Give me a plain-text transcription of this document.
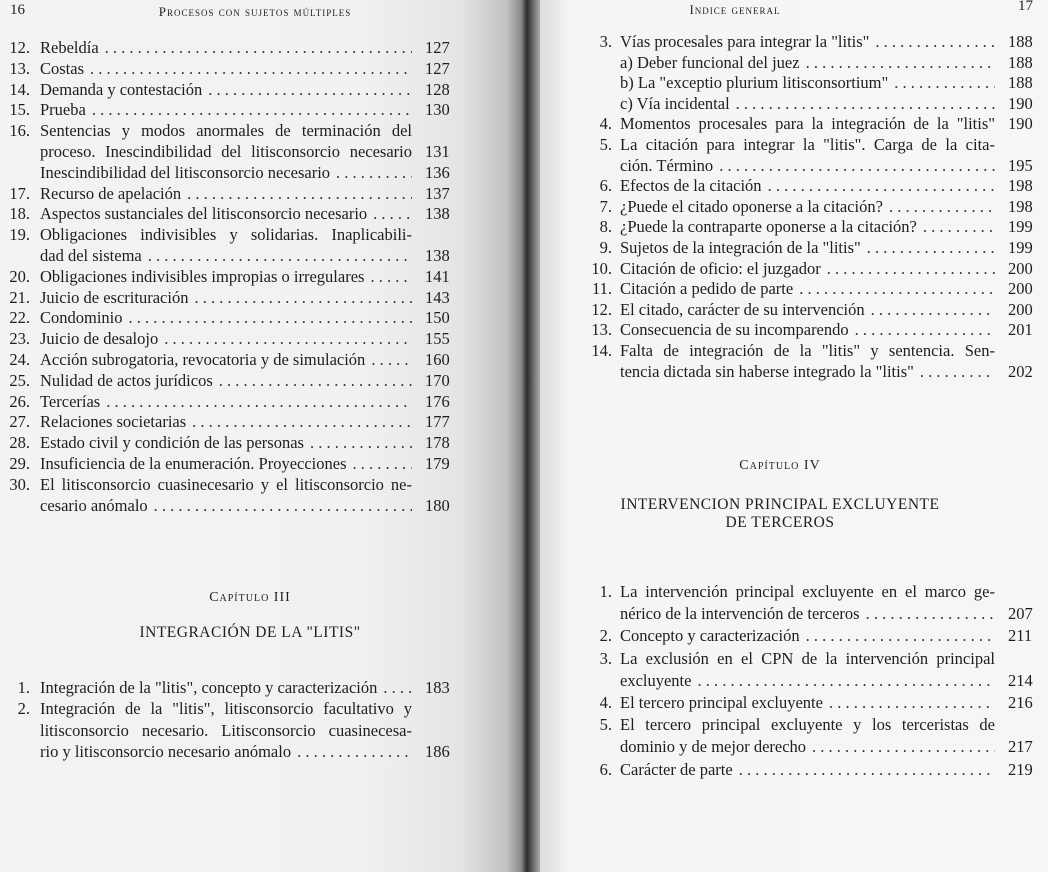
16	Procesos con sujetos múltiples
12. Rebeldía . . .	127
13. Costas . . .	127
14. Demanda y contestación . . .	128
15. Prueba . . .	130
16. Sentencias y modos anormales de terminación del
proceso. Inescindibilidad del litisconsorcio necesario 131
Inescindibilidad del litisconsorcio necesario . . .	136
17. Recurso de apelación . . .	137
18. Aspectos sustanciales del litisconsorcio necesario . . .	138
19. Obligaciones indivisibles y solidarias. Inaplicabili-
dad del sistema . . .	138
20. Obligaciones indivisibles impropias o irregulares . . .	141
21. Juicio de escrituración . . .	143
22. Condominio . . .	150
23. Juicio de desalojo . . .	155
24. Acción subrogatoria, revocatoria y de simulación . . .	160
25. Nulidad de actos jurídicos . . .	170
26. Tercerías . . .	176
27. Relaciones societarias . . .	177
28. Estado civil y condición de las personas . . .	178
29. Insuficiencia de la enumeración. Proyecciones . . .	179
30. El litisconsorcio cuasinecesario y el litisconsorcio ne-
cesario anómalo . . .	180
Capítulo III
INTEGRACIÓN DE LA "LITIS"
1. Integración de la "litis", concepto y caracterización . . .	183
2. Integración de la "litis", litisconsorcio facultativo y
litisconsorcio necesario. Litisconsorcio cuasinecesa-
rio y litisconsorcio necesario anómalo . . .	186
Indice general	17
3. Vías procesales para integrar la "litis" . . .	188
a) Deber funcional del juez . . .	188
b) La "exceptio plurium litisconsortium" . . .	188
c) Vía incidental . . .	190
4. Momentos procesales para la integración de la "litis" 190
5. La citación para integrar la "litis". Carga de la cita-
ción. Término . . .	195
6. Efectos de la citación . . .	198
7. ¿Puede el citado oponerse a la citación? . . .	198
8. ¿Puede la contraparte oponerse a la citación? . . .	199
9. Sujetos de la integración de la "litis" . . .	199
10. Citación de oficio: el juzgador . . .	200
11. Citación a pedido de parte . . .	200
12. El citado, carácter de su intervención . . .	200
13. Consecuencia de su incomparendo . . .	201
14. Falta de integración de la "litis" y sentencia. Sen-
tencia dictada sin haberse integrado la "litis" . . .	202
Capítulo IV
INTERVENCION PRINCIPAL EXCLUYENTE
DE TERCEROS
1. La intervención principal excluyente en el marco ge-
nérico de la intervención de terceros . . .	207
2. Concepto y caracterización . . .	211
3. La exclusión en el CPN de la intervención principal
excluyente . . .	214
4. El tercero principal excluyente . . .	216
5. El tercero principal excluyente y los terceristas de
dominio y de mejor derecho . . .	217
6. Carácter de parte . . .	219
